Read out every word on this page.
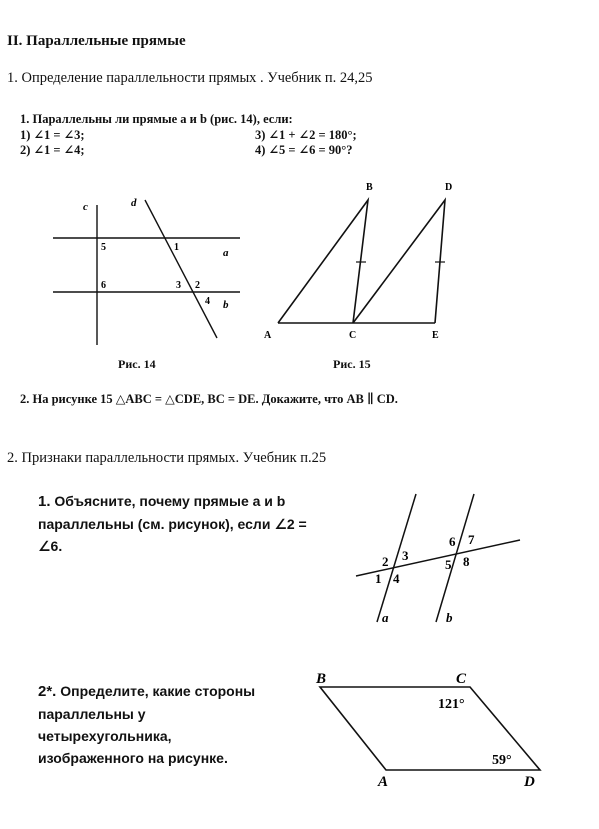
II. Параллельные прямые
1. Определение параллельности прямых . Учебник п. 24,25
1. Параллельны ли прямые a и b (рис. 14), если:
1) ∠1 = ∠3;
2) ∠1 = ∠4;
3) ∠1 + ∠2 = 180°;
4) ∠5 = ∠6 = 90°?
c	d
a
b
5	1
6	3 2
4
Рис. 14
A
B
C
D
E
Рис. 15
2. На рисунке 15 △ABC = △CDE, BC = DE. Докажите, что AB ∥ CD.
2. Признаки параллельности прямых. Учебник п.25
1. Объясните, почему прямые a и b параллельны (см. рисунок), если ∠2 = ∠6.
2 3
1 4
6 7
5 8
a	b
2*. Определите, какие стороны параллельны у четырехугольника, изображенного на рисунке.
B	C
A	D
121°
59°
